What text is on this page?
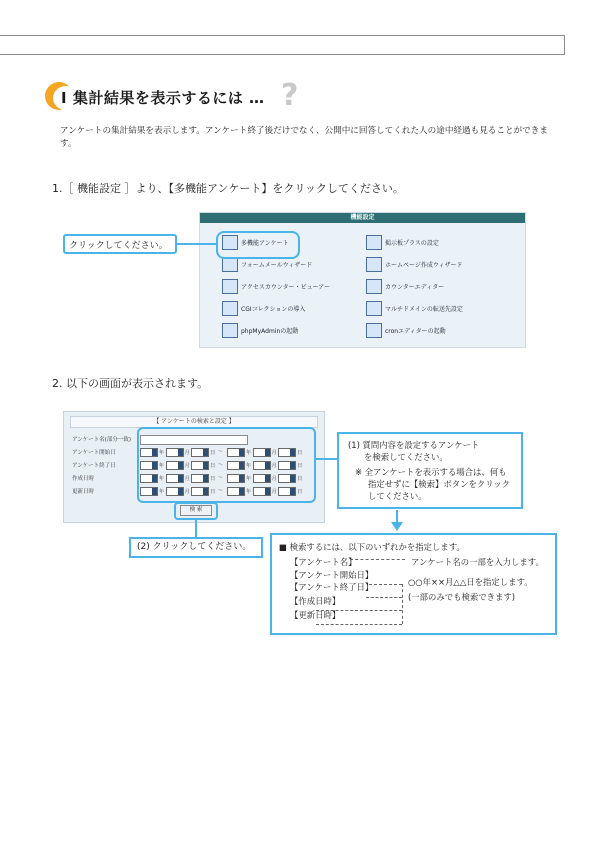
I 集計結果を表示するには … ?
アンケートの集計結果を表示します。アンケート終了後だけでなく、公開中に回答してくれた人の途中経過も見ることができます。
1.［ 機能設定 ］より、【多機能アンケート】をクリックしてください。
機能設定
多機能アンケート
フォームメールウィザード
アクセスカウンター・ビューアー
CGIコレクションの導入
phpMyAdminの起動
掲示板プラスの設定
ホームページ作成ウィザード
カウンターエディター
マルチドメインの転送先設定
cronエディターの起動
クリックしてください。
2. 以下の画面が表示されます。
【 アンケートの検索と設定 】
アンケート名(部分一致)
アンケート開始日	年	月	日 〜	年	月	日
アンケート終了日	年	月	日 〜	年	月	日
作成日時	年	月	日 〜	年	月	日
更新日時	年	月	日 〜	年	月	日
検 索
(1) 質問内容を設定するアンケート
を検索してください。
※ 全アンケートを表示する場合は、何も
指定せずに【検索】ボタンをクリック
してください。
(2) クリックしてください。	■ 検索するには、以下のいずれかを指定します。
【アンケート名】	アンケート名の一部を入力します。
【アンケート開始日】
【アンケート終了日】	○○年××月△△日を指定します。
(一部のみでも検索できます)
【作成日時】
【更新日時】
